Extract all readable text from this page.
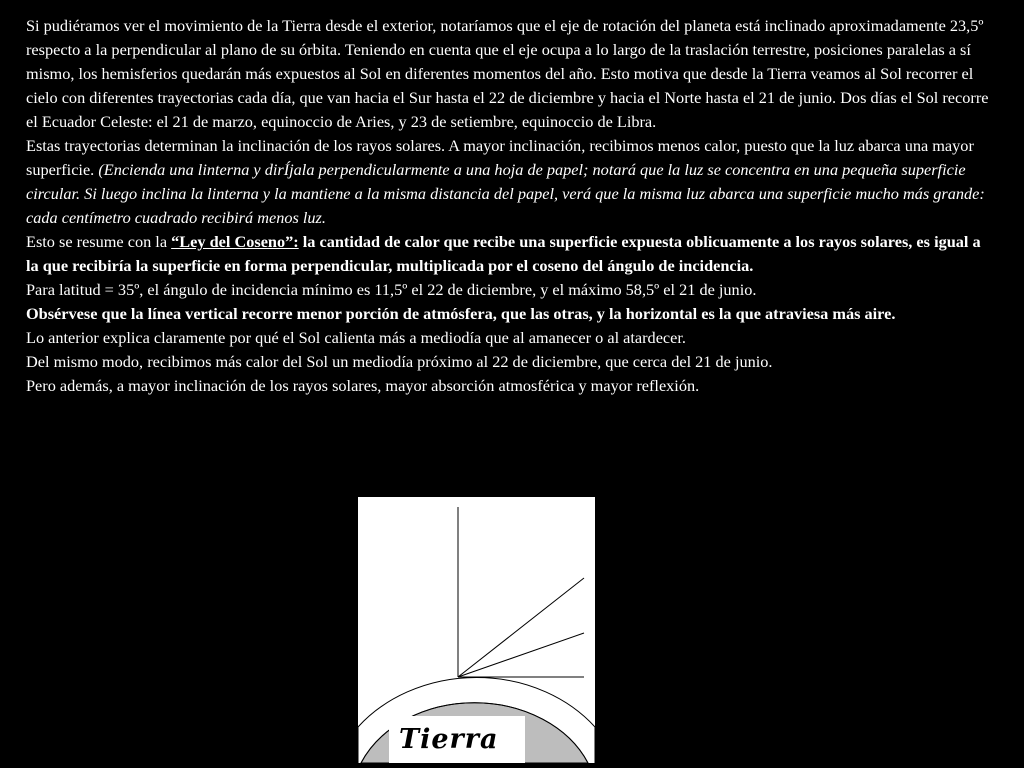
Si pudiéramos ver el movimiento de la Tierra desde el exterior, notaríamos que el eje de rotación del planeta está inclinado aproximadamente 23,5º respecto a la perpendicular al plano de su órbita. Teniendo en cuenta que el eje ocupa a lo largo de la traslación terrestre, posiciones paralelas a sí mismo, los hemisferios quedarán más expuestos al Sol en diferentes momentos del año. Esto motiva que desde la Tierra veamos al Sol recorrer el cielo con diferentes trayectorias cada día, que van hacia el Sur hasta el 22 de diciembre y hacia el Norte hasta el 21 de junio. Dos días el Sol recorre el Ecuador Celeste: el 21 de marzo, equinoccio de Aries, y 23 de setiembre, equinoccio de Libra.

Estas trayectorias determinan la inclinación de los rayos solares. A mayor inclinación, recibimos menos calor, puesto que la luz abarca una mayor superficie. (Encienda una linterna y dirÍjala perpendicularmente a una hoja de papel; notará que la luz se concentra en una pequeña superficie circular. Si luego inclina la linterna y la mantiene a la misma distancia del papel, verá que la misma luz abarca una superficie mucho más grande: cada centímetro cuadrado recibirá menos luz.

Esto se resume con la “Ley del Coseno”: la cantidad de calor que recibe una superficie expuesta oblicuamente a los rayos solares, es igual a la que recibiría la superficie en forma perpendicular, multiplicada por el coseno del ángulo de incidencia.

Para latitud = 35º, el ángulo de incidencia mínimo es 11,5º el 22 de diciembre, y el máximo 58,5º el 21 de junio.

Obsérvese que la línea vertical recorre menor porción de atmósfera, que las otras, y la horizontal es la que atraviesa más aire.

Lo anterior explica claramente por qué el Sol calienta más a mediodía que al amanecer o al atardecer.

Del mismo modo, recibimos más calor del Sol un mediodía próximo al 22 de diciembre, que cerca del 21 de junio.

Pero además, a mayor inclinación de los rayos solares, mayor absorción atmosférica y mayor reflexión.

Tierra
